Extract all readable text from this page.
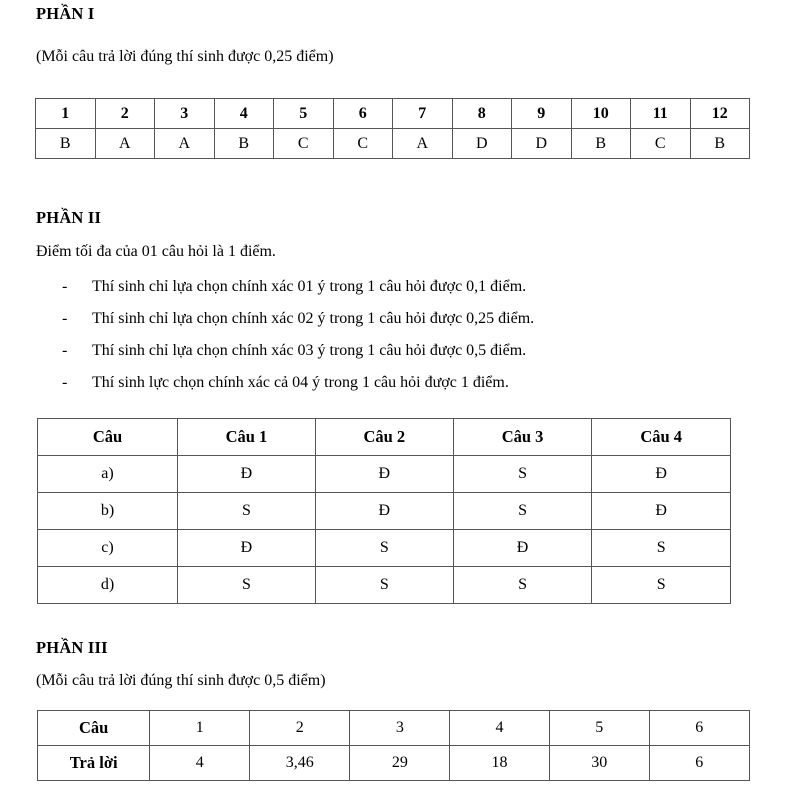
PHẦN I
(Mỗi câu trả lời đúng thí sinh được 0,25 điểm)
1	2	3	4	5	6	7	8	9	10	11	12
B	A	A	B	C	C	A	D	D	B	C	B
PHẦN II
Điểm tối đa của 01 câu hỏi là 1 điểm.
-	Thí sinh chỉ lựa chọn chính xác 01 ý trong 1 câu hỏi được 0,1 điểm.
-	Thí sinh chỉ lựa chọn chính xác 02 ý trong 1 câu hỏi được 0,25 điểm.
-	Thí sinh chỉ lựa chọn chính xác 03 ý trong 1 câu hỏi được 0,5 điểm.
-	Thí sinh lực chọn chính xác cả 04 ý trong 1 câu hỏi được 1 điểm.
Câu	Câu 1	Câu 2	Câu 3	Câu 4
a)	Đ	Đ	S	Đ
b)	S	Đ	S	Đ
c)	Đ	S	Đ	S
d)	S	S	S	S
PHẦN III
(Mỗi câu trả lời đúng thí sinh được 0,5 điểm)
Câu	1	2	3	4	5	6
Trả lời	4	3,46	29	18	30	6
